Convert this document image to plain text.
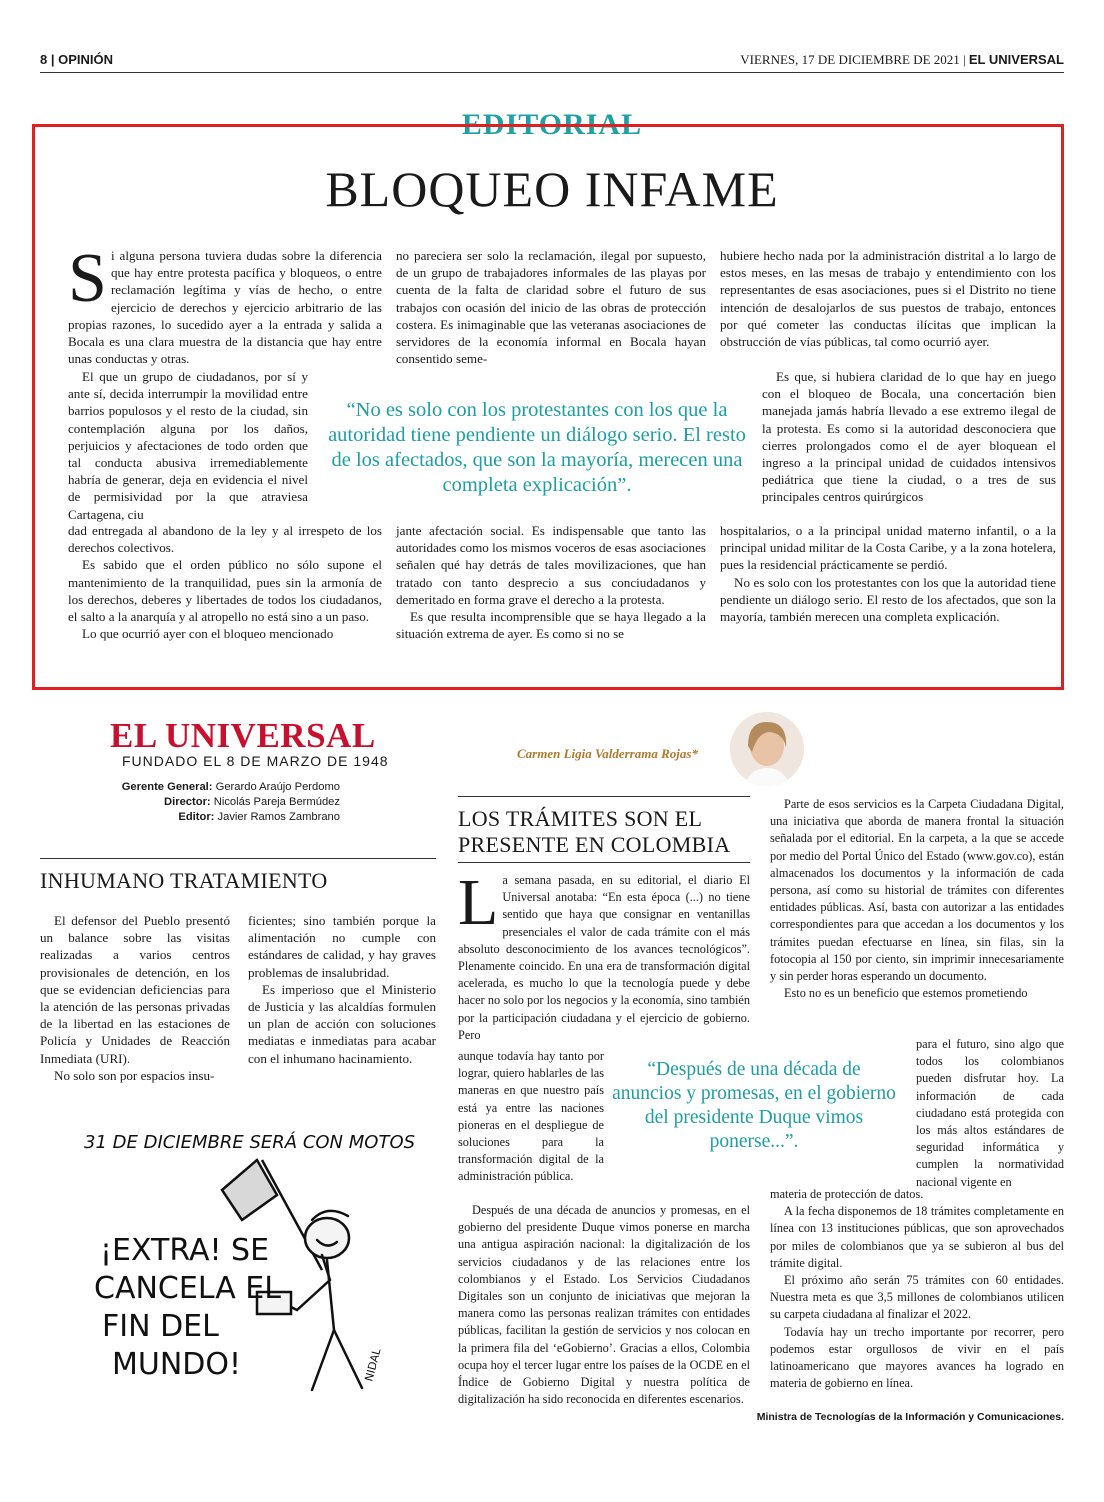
8 | OPINIÓN	VIERNES, 17 DE DICIEMBRE DE 2021 | EL UNIVERSAL
EDITORIAL
BLOQUEO INFAME

Si alguna persona tuviera dudas sobre la diferencia que hay entre protesta pacífica y bloqueos, o entre reclamación legítima y vías de hecho, o entre ejercicio de derechos y ejercicio arbitrario de las propias razones, lo sucedido ayer a la entrada y salida a Bocala es una clara muestra de la distancia que hay entre unas conductas y otras.

El que un grupo de ciudadanos, por sí y ante sí, decida interrumpir la movilidad entre barrios populosos y el resto de la ciudad, sin contemplación alguna por los daños, perjuicios y afectaciones de todo orden que tal conducta abusiva irremediablemente habría de generar, deja en evidencia el nivel de permisividad por la que atraviesa Cartagena, ciu

dad entregada al abandono de la ley y al irrespeto de los derechos colectivos.

Es sabido que el orden público no sólo supone el mantenimiento de la tranquilidad, pues sin la armonía de los derechos, deberes y libertades de todos los ciudadanos, el salto a la anarquía y al atropello no está sino a un paso.

Lo que ocurrió ayer con el bloqueo mencionado

no pareciera ser solo la reclamación, ilegal por supuesto, de un grupo de trabajadores informales de las playas por cuenta de la falta de claridad sobre el futuro de sus trabajos con ocasión del inicio de las obras de protección costera. Es inimaginable que las veteranas asociaciones de servidores de la economía informal en Bocala hayan consentido seme-

“No es solo con los protestantes con los que la autoridad tiene pendiente un diálogo serio. El resto de los afectados, que son la mayoría, merecen una completa explicación”.

jante afectación social. Es indispensable que tanto las autoridades como los mismos voceros de esas asociaciones señalen qué hay detrás de tales movilizaciones, que han tratado con tanto desprecio a sus conciudadanos y demeritado en forma grave el derecho a la protesta.

Es que resulta incomprensible que se haya llegado a la situación extrema de ayer. Es como si no se

hubiere hecho nada por la administración distrital a lo largo de estos meses, en las mesas de trabajo y entendimiento con los representantes de esas asociaciones, pues si el Distrito no tiene intención de desalojarlos de sus puestos de trabajo, entonces por qué cometer las conductas ilícitas que implican la obstrucción de vías públicas, tal como ocurrió ayer.

Es que, si hubiera claridad de lo que hay en juego con el bloqueo de Bocala, una concertación bien manejada jamás habría llevado a ese extremo ilegal de la protesta. Es como si la autoridad desconociera que cierres prolongados como el de ayer bloquean el ingreso a la principal unidad de cuidados intensivos pediátrica que tiene la ciudad, o a tres de sus principales centros quirúrgicos

hospitalarios, o a la principal unidad materno infantil, o a la principal unidad militar de la Costa Caribe, y a la zona hotelera, pues la residencial prácticamente se perdió.

No es solo con los protestantes con los que la autoridad tiene pendiente un diálogo serio. El resto de los afectados, que son la mayoría, también merecen una completa explicación.

EL UNIVERSAL
FUNDADO EL 8 DE MARZO DE 1948
Gerente General: Gerardo Araújo Perdomo
Director: Nicolás Pareja Bermúdez
Editor: Javier Ramos Zambrano
INHUMANO TRATAMIENTO

El defensor del Pueblo presentó un balance sobre las visitas realizadas a varios centros provisionales de detención, en los que se evidencian deficiencias para la atención de las personas privadas de la libertad en las estaciones de Policía y Unidades de Reacción Inmediata (URI).

No solo son por espacios insu-

ficientes; sino también porque la alimentación no cumple con estándares de calidad, y hay graves problemas de insalubridad.

Es imperioso que el Ministerio de Justicia y las alcaldías formulen un plan de acción con soluciones mediatas e inmediatas para acabar con el inhumano hacinamiento.

31 DE DICIEMBRE SERÁ CON MOTOS
¡EXTRA! SE
CANCELA EL
FIN DEL
MUNDO!	NIDAL
Carmen Ligia Valderrama Rojas*
LOS TRÁMITES SON EL
PRESENTE EN COLOMBIA

La semana pasada, en su editorial, el diario El Universal anotaba: “En esta época (...) no tiene sentido que haya que consignar en ventanillas presenciales el valor de cada trámite con el más absoluto desconocimiento de los avances tecnológicos”. Plenamente coincido. En una era de transformación digital acelerada, es mucho lo que la tecnología puede y debe hacer no solo por los negocios y la economía, sino también por la participación ciudadana y el ejercicio de gobierno. Pero

aunque todavía hay tanto por lograr, quiero hablarles de las maneras en que nuestro país está ya entre las naciones pioneras en el despliegue de soluciones para la transformación digital de la administración pública.

“Después de una década de anuncios y promesas, en el gobierno del presidente Duque vimos ponerse...”.

Después de una década de anuncios y promesas, en el gobierno del presidente Duque vimos ponerse en marcha una antigua aspiración nacional: la digitalización de los servicios ciudadanos y de las relaciones entre los colombianos y el Estado. Los Servicios Ciudadanos Digitales son un conjunto de iniciativas que mejoran la manera como las personas realizan trámites con entidades públicas, facilitan la gestión de servicios y nos colocan en la primera fila del ‘eGobierno’. Gracias a ellos, Colombia ocupa hoy el tercer lugar entre los países de la OCDE en el Índice de Gobierno Digital y nuestra política de digitalización ha sido reconocida en diferentes escenarios.

Parte de esos servicios es la Carpeta Ciudadana Digital, una iniciativa que aborda de manera frontal la situación señalada por el editorial. En la carpeta, a la que se accede por medio del Portal Único del Estado (www.gov.co), están almacenados los documentos y la información de cada persona, así como su historial de trámites con diferentes entidades públicas. Así, basta con autorizar a las entidades correspondientes para que accedan a los documentos y los trámites puedan efectuarse en línea, sin filas, sin la fotocopia al 150 por ciento, sin imprimir innecesariamente y sin perder horas esperando un documento.

Esto no es un beneficio que estemos prometiendo

para el futuro, sino algo que todos los colombianos pueden disfrutar hoy. La información de cada ciudadano está protegida con los más altos estándares de seguridad informática y cumplen la normatividad nacional vigente en

materia de protección de datos.

A la fecha disponemos de 18 trámites completamente en línea con 13 instituciones públicas, que son aprovechados por miles de colombianos que ya se subieron al bus del trámite digital.

El próximo año serán 75 trámites con 60 entidades. Nuestra meta es que 3,5 millones de colombianos utilicen su carpeta ciudadana al finalizar el 2022.

Todavía hay un trecho importante por recorrer, pero podemos estar orgullosos de vivir en el país latinoamericano que mayores avances ha logrado en materia de gobierno en línea.

Ministra de Tecnologías de la Información y Comunicaciones.
